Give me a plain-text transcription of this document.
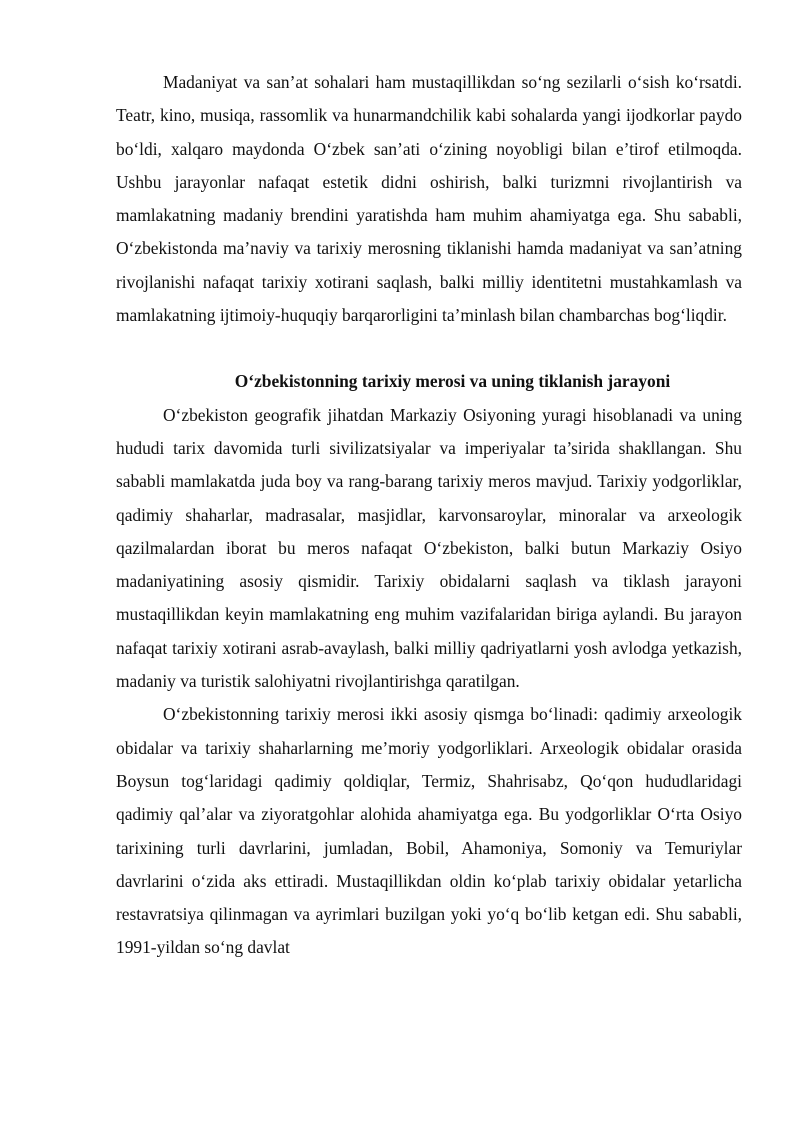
Madaniyat va san’at sohalari ham mustaqillikdan so‘ng sezilarli o‘sish ko‘rsatdi. Teatr, kino, musiqa, rassomlik va hunarmandchilik kabi sohalarda yangi ijodkorlar paydo bo‘ldi, xalqaro maydonda O‘zbek san’ati o‘zining noyobligi bilan e’tirof etilmoqda. Ushbu jarayonlar nafaqat estetik didni oshirish, balki turizmni rivojlantirish va mamlakatning madaniy brendini yaratishda ham muhim ahamiyatga ega. Shu sababli, O‘zbekistonda ma’naviy va tarixiy merosning tiklanishi hamda madaniyat va san’atning rivojlanishi nafaqat tarixiy xotirani saqlash, balki milliy identitetni mustahkamlash va mamlakatning ijtimoiy-huquqiy barqarorligini ta’minlash bilan chambarchas bog‘liqdir.

O‘zbekistonning tarixiy merosi va uning tiklanish jarayoni

O‘zbekiston geografik jihatdan Markaziy Osiyoning yuragi hisoblanadi va uning hududi tarix davomida turli sivilizatsiyalar va imperiyalar ta’sirida shakllangan. Shu sababli mamlakatda juda boy va rang-barang tarixiy meros mavjud. Tarixiy yodgorliklar, qadimiy shaharlar, madrasalar, masjidlar, karvonsaroylar, minoralar va arxeologik qazilmalardan iborat bu meros nafaqat O‘zbekiston, balki butun Markaziy Osiyo madaniyatining asosiy qismidir. Tarixiy obidalarni saqlash va tiklash jarayoni mustaqillikdan keyin mamlakatning eng muhim vazifalaridan biriga aylandi. Bu jarayon nafaqat tarixiy xotirani asrab-avaylash, balki milliy qadriyatlarni yosh avlodga yetkazish, madaniy va turistik salohiyatni rivojlantirishga qaratilgan.

O‘zbekistonning tarixiy merosi ikki asosiy qismga bo‘linadi: qadimiy arxeologik obidalar va tarixiy shaharlarning me’moriy yodgorliklari. Arxeologik obidalar orasida Boysun tog‘laridagi qadimiy qoldiqlar, Termiz, Shahrisabz, Qo‘qon hududlaridagi qadimiy qal’alar va ziyoratgohlar alohida ahamiyatga ega. Bu yodgorliklar O‘rta Osiyo tarixining turli davrlarini, jumladan, Bobil, Ahamoniya, Somoniy va Temuriylar davrlarini o‘zida aks ettiradi. Mustaqillikdan oldin ko‘plab tarixiy obidalar yetarlicha restavratsiya qilinmagan va ayrimlari buzilgan yoki yo‘q bo‘lib ketgan edi. Shu sababli, 1991-yildan so‘ng davlat
